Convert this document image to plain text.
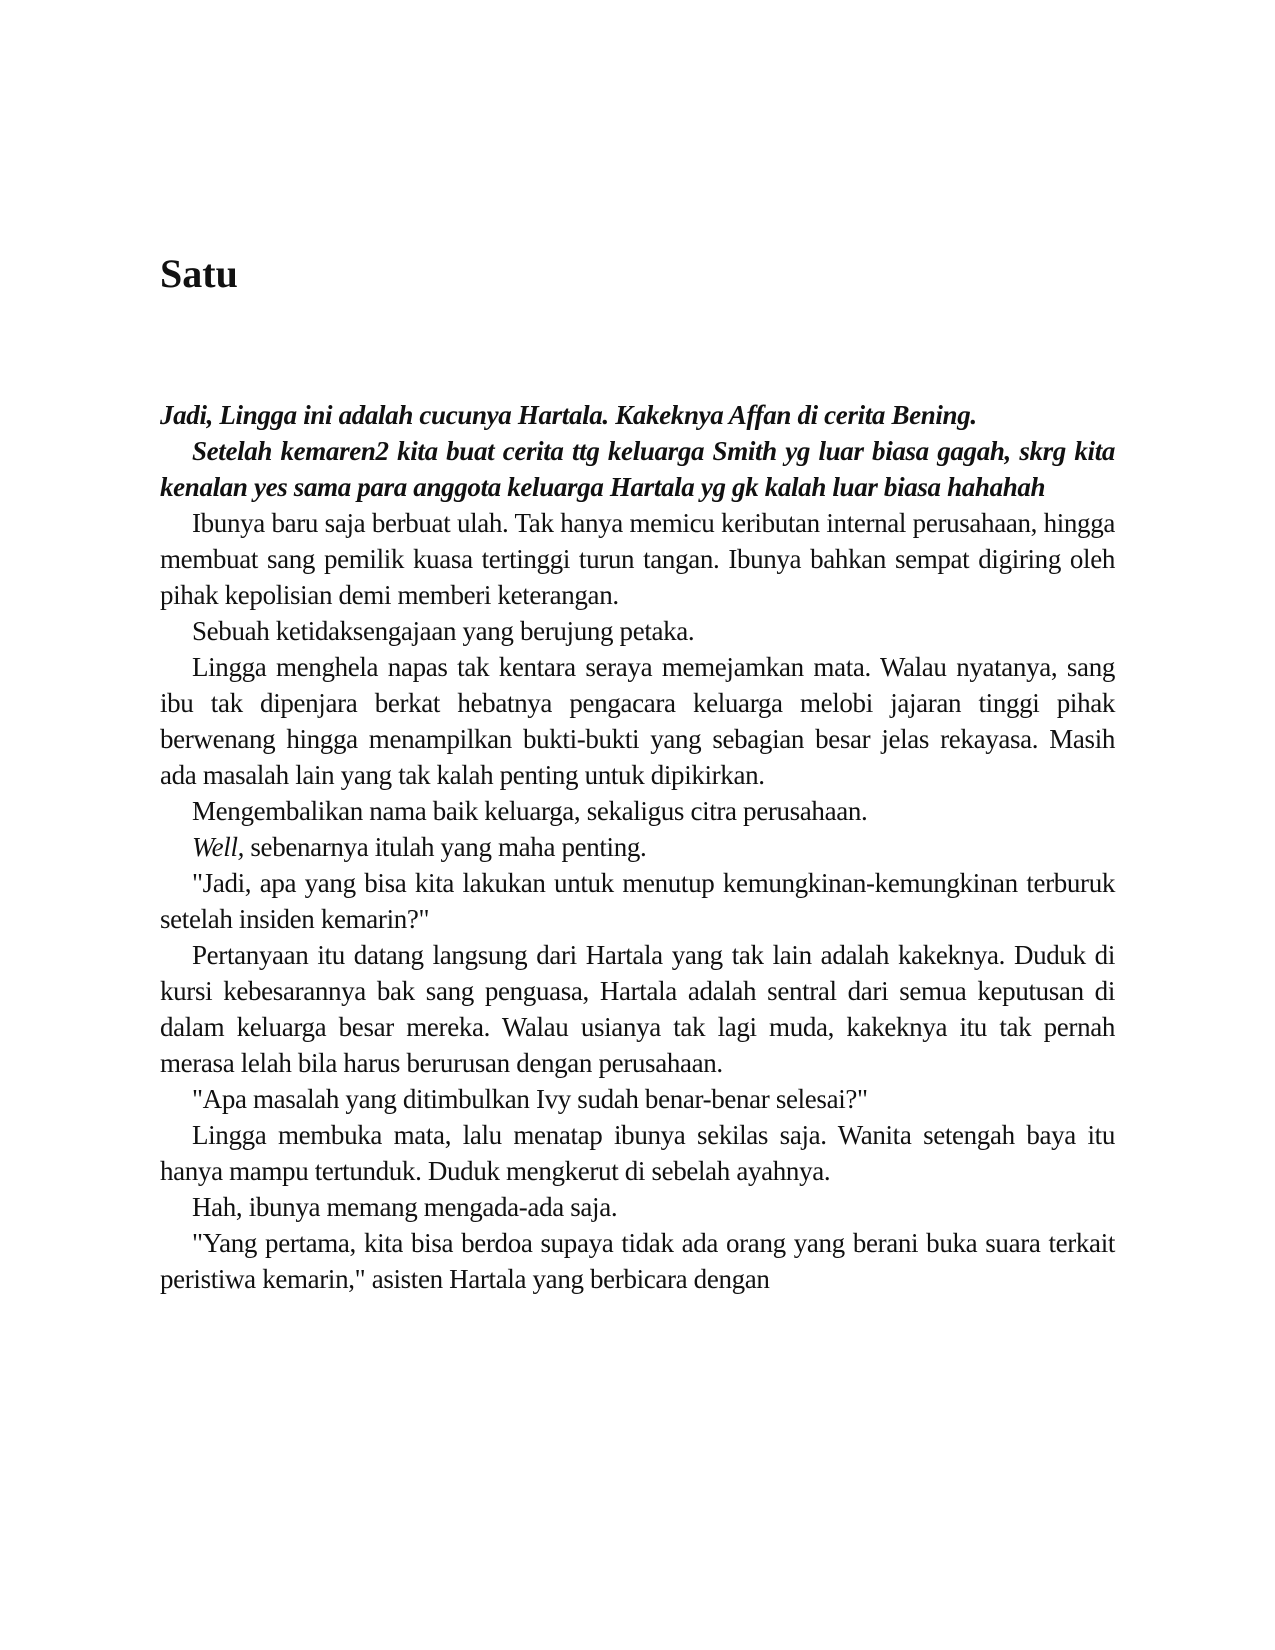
Satu

Jadi, Lingga ini adalah cucunya Hartala. Kakeknya Affan di cerita Bening.

Setelah kemaren2 kita buat cerita ttg keluarga Smith yg luar biasa gagah, skrg kita kenalan yes sama para anggota keluarga Hartala yg gk kalah luar biasa hahahah

Ibunya baru saja berbuat ulah. Tak hanya memicu keributan internal perusahaan, hingga membuat sang pemilik kuasa tertinggi turun tangan. Ibunya bahkan sempat digiring oleh pihak kepolisian demi memberi keterangan.

Sebuah ketidaksengajaan yang berujung petaka.

Lingga menghela napas tak kentara seraya memejamkan mata. Walau nyatanya, sang ibu tak dipenjara berkat hebatnya pengacara keluarga melobi jajaran tinggi pihak berwenang hingga menampilkan bukti-bukti yang sebagian besar jelas rekayasa. Masih ada masalah lain yang tak kalah penting untuk dipikirkan.

Mengembalikan nama baik keluarga, sekaligus citra perusahaan.

Well, sebenarnya itulah yang maha penting.

"Jadi, apa yang bisa kita lakukan untuk menutup kemungkinan-kemungkinan terburuk setelah insiden kemarin?"

Pertanyaan itu datang langsung dari Hartala yang tak lain adalah kakeknya. Duduk di kursi kebesarannya bak sang penguasa, Hartala adalah sentral dari semua keputusan di dalam keluarga besar mereka. Walau usianya tak lagi muda, kakeknya itu tak pernah merasa lelah bila harus berurusan dengan perusahaan.

"Apa masalah yang ditimbulkan Ivy sudah benar-benar selesai?"

Lingga membuka mata, lalu menatap ibunya sekilas saja. Wanita setengah baya itu hanya mampu tertunduk. Duduk mengkerut di sebelah ayahnya.

Hah, ibunya memang mengada-ada saja.

"Yang pertama, kita bisa berdoa supaya tidak ada orang yang berani buka suara terkait peristiwa kemarin," asisten Hartala yang berbicara dengan
